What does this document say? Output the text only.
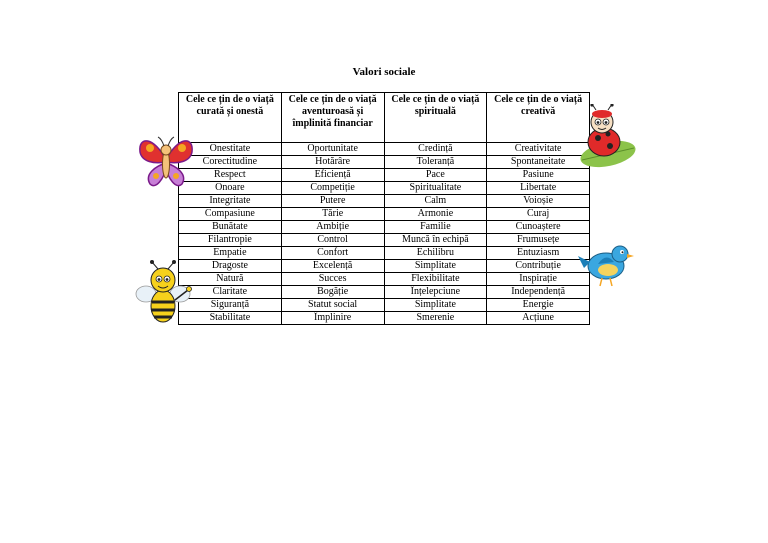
Valori sociale
Cele ce țin de o viață curată și onestă	Cele ce țin de o viață aventuroasă și împlinită financiar	Cele ce țin de o viață spirituală	Cele ce țin de o viață creativă
Onestitate	Oportunitate	Credință	Creativitate
Corectitudine	Hotărâre	Toleranță	Spontaneitate
Respect	Eficiență	Pace	Pasiune
Onoare	Competiție	Spiritualitate	Libertate
Integritate	Putere	Calm	Voioșie
Compasiune	Tărie	Armonie	Curaj
Bunătate	Ambiție	Familie	Cunoaștere
Filantropie	Control	Muncă în echipă	Frumusețe
Empatie	Confort	Echilibru	Entuziasm
Dragoste	Excelență	Simplitate	Contribuție
Natură	Succes	Flexibilitate	Inspirație
Claritate	Bogăție	Înțelepciune	Independență
Siguranță	Statut social	Simplitate	Energie
Stabilitate	Împlinire	Smerenie	Acțiune
